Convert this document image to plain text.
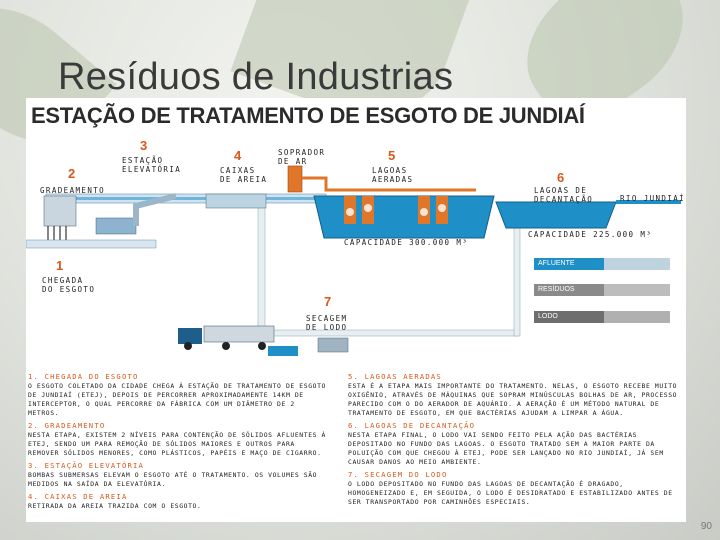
Resíduos de Industrias
ESTAÇÃO DE TRATAMENTO DE ESGOTO DE JUNDIAÍ
1
CHEGADA
DO ESGOTO
2
GRADEAMENTO
3
ESTAÇÃO
ELEVATÓRIA
4
CAIXAS
DE AREIA
SOPRADOR
DE AR	5
LAGOAS
AERADAS	6
LAGOAS DE
DECANTAÇÃO	RIO JUNDIAÍ
CAPACIDADE 300.000 M³
CAPACIDADE 225.000 M³
7
SECAGEM
DE LODO
AFLUENTE LÍQUIDO
RESÍDUOS SÓLIDOS
LODO
1. CHEGADA DO ESGOTO

O ESGOTO COLETADO DA CIDADE CHEGA À ESTAÇÃO DE TRATAMENTO DE ESGOTO DE JUNDIAÍ (ETEJ), DEPOIS DE PERCORRER APROXIMADAMENTE 14KM DE INTERCEPTOR, O QUAL PERCORRE DA FÁBRICA COM UM DIÂMETRO DE 2 METROS.

2. GRADEAMENTO

NESTA ETAPA, EXISTEM 2 NÍVEIS PARA CONTENÇÃO DE SÓLIDOS AFLUENTES À ETEJ, SENDO UM PARA REMOÇÃO DE SÓLIDOS MAIORES E OUTROS PARA REMOVER SÓLIDOS MENORES, COMO PLÁSTICOS, PAPÉIS E MAÇO DE CIGARRO.

3. ESTAÇÃO ELEVATÓRIA

BOMBAS SUBMERSAS ELEVAM O ESGOTO ATÉ O TRATAMENTO. OS VOLUMES SÃO MEDIDOS NA SAÍDA DA ELEVATÓRIA.

4. CAIXAS DE AREIA

RETIRADA DA AREIA TRAZIDA COM O ESGOTO.

5. LAGOAS AERADAS

ESTA É A ETAPA MAIS IMPORTANTE DO TRATAMENTO. NELAS, O ESGOTO RECEBE MUITO OXIGÊNIO, ATRAVÉS DE MÁQUINAS QUE SOPRAM MINÚSCULAS BOLHAS DE AR, PROCESSO PARECIDO COM O DO AERADOR DE AQUÁRIO. A AERAÇÃO É UM MÉTODO NATURAL DE TRATAMENTO DE ESGOTO, EM QUE BACTÉRIAS AJUDAM A LIMPAR A ÁGUA.

6. LAGOAS DE DECANTAÇÃO

NESTA ETAPA FINAL, O LODO VAI SENDO FEITO PELA AÇÃO DAS BACTÉRIAS DEPOSITADO NO FUNDO DAS LAGOAS. O ESGOTO TRATADO SEM A MAIOR PARTE DA POLUIÇÃO COM QUE CHEGOU À ETEJ, PODE SER LANÇADO NO RIO JUNDIAÍ, JÁ SEM CAUSAR DANOS AO MEIO AMBIENTE.

7. SECAGEM DO LODO

O LODO DEPOSITADO NO FUNDO DAS LAGOAS DE DECANTAÇÃO É DRAGADO, HOMOGENEIZADO E, EM SEGUIDA, O LODO É DESIDRATADO E ESTABILIZADO ANTES DE SER TRANSPORTADO POR CAMINHÕES ESPECIAIS.

90
